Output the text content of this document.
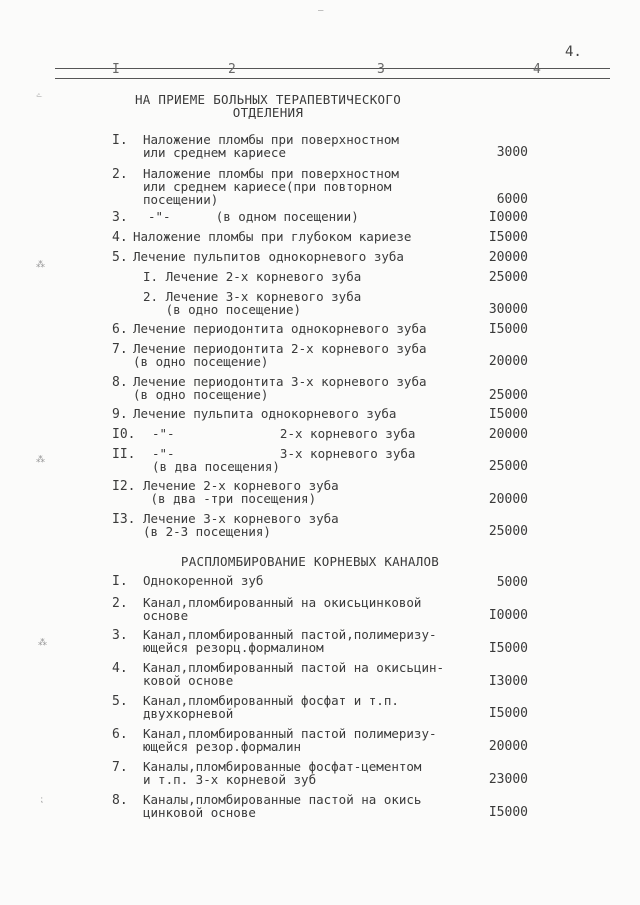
–
4.
I	2	3	4
НА ПРИЕМЕ БОЛЬНЫХ ТЕРАПЕВТИЧЕСКОГО
ОТДЕЛЕНИЯ
I. Наложение пломбы при поверхностном
или среднем кариесе	3000
2. Наложение пломбы при поверхностном
или среднем кариесе(при повторном
посещении)	6000
3. -"-      (в одном посещении)	I0000
4. Наложение пломбы при глубоком кариезе	I5000
5. Лечение пульпитов однокорневого зуба	20000
I. Лечение 2-х корневого зуба	25000
2. Лечение 3-х корневого зуба
(в одно посещение)	30000
6. Лечение периодонтита однокорневого зуба	I5000
7. Лечение периодонтита 2-х корневого зуба
(в одно посещение)	20000
8. Лечение периодонтита 3-х корневого зуба
(в одно посещение)	25000
9. Лечение пульпита однокорневого зуба	I5000
I0. -"-              2-х корневого зуба	20000
II. -"-              3-х корневого зуба
(в два посещения)	25000
I2. Лечение 2-х корневого зуба
(в два -три посещения)	20000
I3. Лечение 3-х корневого зуба
(в 2-3 посещения)	25000
РАСПЛОМБИРОВАНИЕ КОРНЕВЫХ КАНАЛОВ
I. Однокоренной зуб	5000
2. Канал,пломбированный на окисьцинковой
основе	I0000
3. Канал,пломбированный пастой,полимеризу-
ющейся резорц.формалином	I5000
4. Канал,пломбированный пастой на окисьцин-
ковой основе	I3000
5. Канал,пломбированный фосфат и т.п.
двухкорневой	I5000
6. Канал,пломбированный пастой полимеризу-
ющейся резор.формалин	20000
7. Каналы,пломбированные фосфат-цементом
и т.п. 3-х корневой зуб	23000
8. Каналы,пломбированные пастой на окись
цинковой основе	I5000
ﮮ
⁂
⁂
⁂
⁏
